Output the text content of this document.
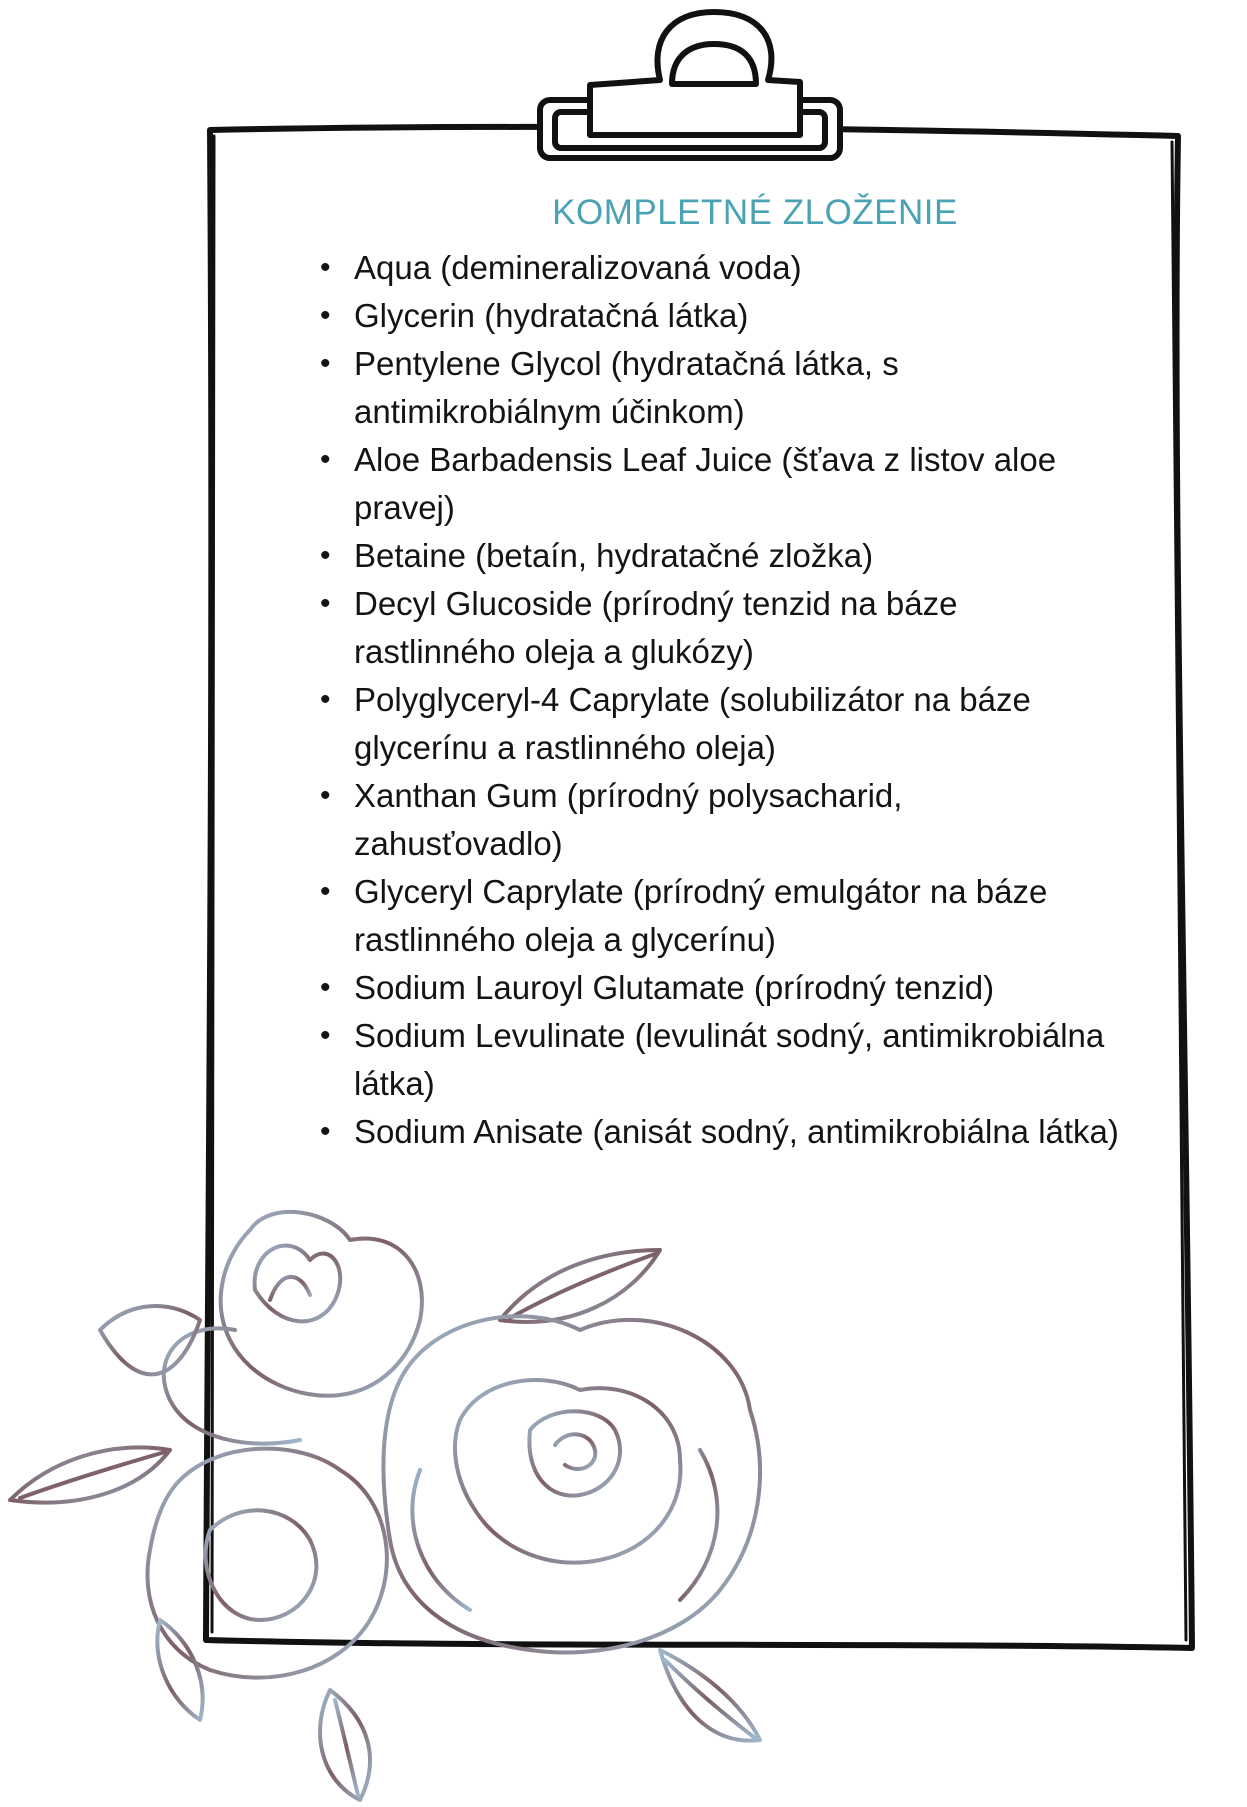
KOMPLETNÉ ZLOŽENIE
• Aqua (demineralizovaná voda)
• Glycerin (hydratačná látka)
• Pentylene Glycol (hydratačná látka, s antimikrobiálnym účinkom)
• Aloe Barbadensis Leaf Juice (šťava z listov aloe pravej)
• Betaine (betaín, hydratačné zložka)
• Decyl Glucoside (prírodný tenzid na báze rastlinného oleja a glukózy)
• Polyglyceryl-4 Caprylate (solubilizátor na báze glycerínu a rastlinného oleja)
• Xanthan Gum (prírodný polysacharid, zahusťovadlo)
• Glyceryl Caprylate (prírodný emulgátor na báze rastlinného oleja a glycerínu)
• Sodium Lauroyl Glutamate (prírodný tenzid)
• Sodium Levulinate (levulinát sodný, antimikrobiálna látka)
• Sodium Anisate (anisát sodný, antimikrobiálna látka)
